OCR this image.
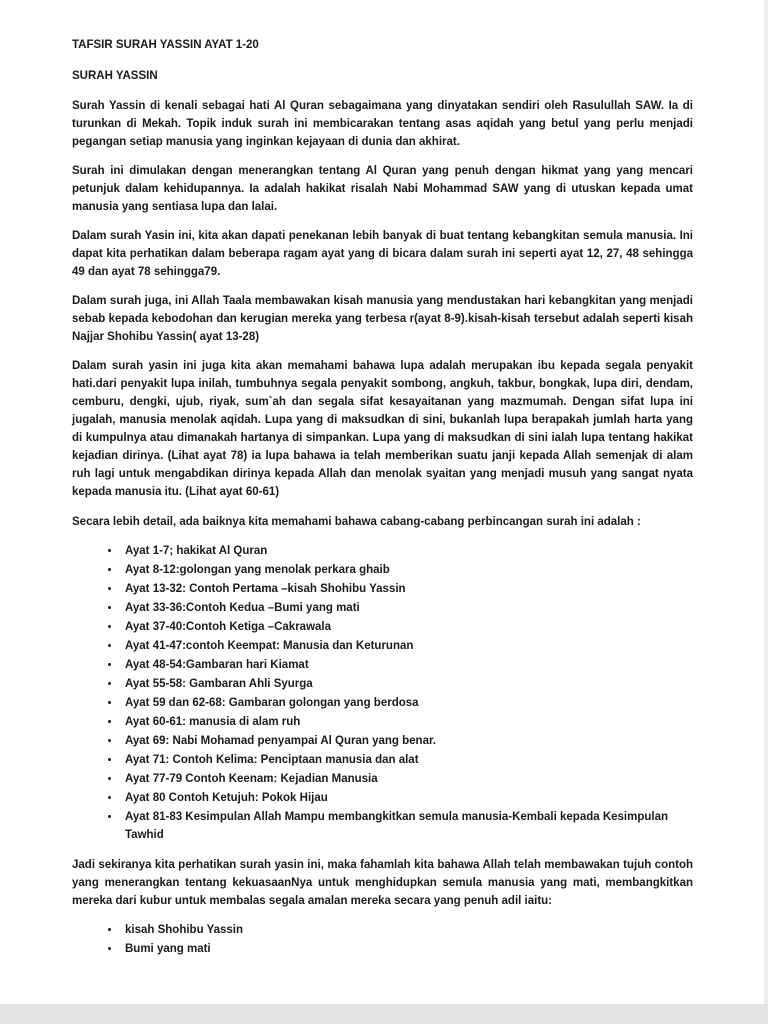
TAFSIR SURAH YASSIN AYAT 1-20

SURAH YASSIN

Surah Yassin di kenali sebagai hati Al Quran sebagaimana yang dinyatakan sendiri oleh Rasulullah SAW. Ia di turunkan di Mekah. Topik induk surah ini membicarakan tentang asas aqidah yang betul yang perlu menjadi pegangan setiap manusia yang inginkan kejayaan di dunia dan akhirat.

Surah ini dimulakan dengan menerangkan tentang Al Quran yang penuh dengan hikmat yang yang mencari petunjuk dalam kehidupannya. Ia adalah hakikat risalah Nabi Mohammad SAW yang di utuskan kepada umat manusia yang sentiasa lupa dan lalai.

Dalam surah Yasin ini, kita akan dapati penekanan lebih banyak di buat tentang kebangkitan semula manusia. Ini dapat kita perhatikan dalam beberapa ragam ayat yang di bicara dalam surah ini seperti ayat 12, 27, 48 sehingga 49 dan ayat 78 sehingga79.

Dalam surah juga, ini Allah Taala membawakan kisah manusia yang mendustakan hari kebangkitan yang menjadi sebab kepada kebodohan dan kerugian mereka yang terbesa r(ayat 8-9).kisah-kisah tersebut adalah seperti kisah Najjar Shohibu Yassin( ayat 13-28)

Dalam surah yasin ini juga kita akan memahami bahawa lupa adalah merupakan ibu kepada segala penyakit hati.dari penyakit lupa inilah, tumbuhnya segala penyakit sombong, angkuh, takbur, bongkak, lupa diri, dendam, cemburu, dengki, ujub, riyak, sum`ah dan segala sifat kesayaitanan yang mazmumah. Dengan sifat lupa ini jugalah, manusia menolak aqidah. Lupa yang di maksudkan di sini, bukanlah lupa berapakah jumlah harta yang di kumpulnya atau dimanakah hartanya di simpankan. Lupa yang di maksudkan di sini ialah lupa tentang hakikat kejadian dirinya. (Lihat ayat 78) ia lupa bahawa ia telah memberikan suatu janji kepada Allah semenjak di alam ruh lagi untuk mengabdikan dirinya kepada Allah dan menolak syaitan yang menjadi musuh yang sangat nyata kepada manusia itu. (Lihat ayat 60-61)

Secara lebih detail, ada baiknya kita memahami bahawa cabang-cabang perbincangan surah ini adalah :

• Ayat 1-7; hakikat Al Quran
• Ayat 8-12:golongan yang menolak perkara ghaib
• Ayat 13-32: Contoh Pertama –kisah Shohibu Yassin
• Ayat 33-36:Contoh Kedua –Bumi yang mati
• Ayat 37-40:Contoh Ketiga –Cakrawala
• Ayat 41-47:contoh Keempat: Manusia dan Keturunan
• Ayat 48-54:Gambaran hari Kiamat
• Ayat 55-58: Gambaran Ahli Syurga
• Ayat 59 dan 62-68: Gambaran golongan yang berdosa
• Ayat 60-61: manusia di alam ruh
• Ayat 69: Nabi Mohamad penyampai Al Quran yang benar.
• Ayat 71: Contoh Kelima: Penciptaan manusia dan alat
• Ayat 77-79 Contoh Keenam: Kejadian Manusia
• Ayat 80 Contoh Ketujuh: Pokok Hijau
• Ayat 81-83 Kesimpulan Allah Mampu membangkitkan semula manusia-Kembali kepada Kesimpulan Tawhid

Jadi sekiranya kita perhatikan surah yasin ini, maka fahamlah kita bahawa Allah telah membawakan tujuh contoh yang menerangkan tentang kekuasaanNya untuk menghidupkan semula manusia yang mati, membangkitkan mereka dari kubur untuk membalas segala amalan mereka secara yang penuh adil iaitu:

• kisah Shohibu Yassin
• Bumi yang mati
